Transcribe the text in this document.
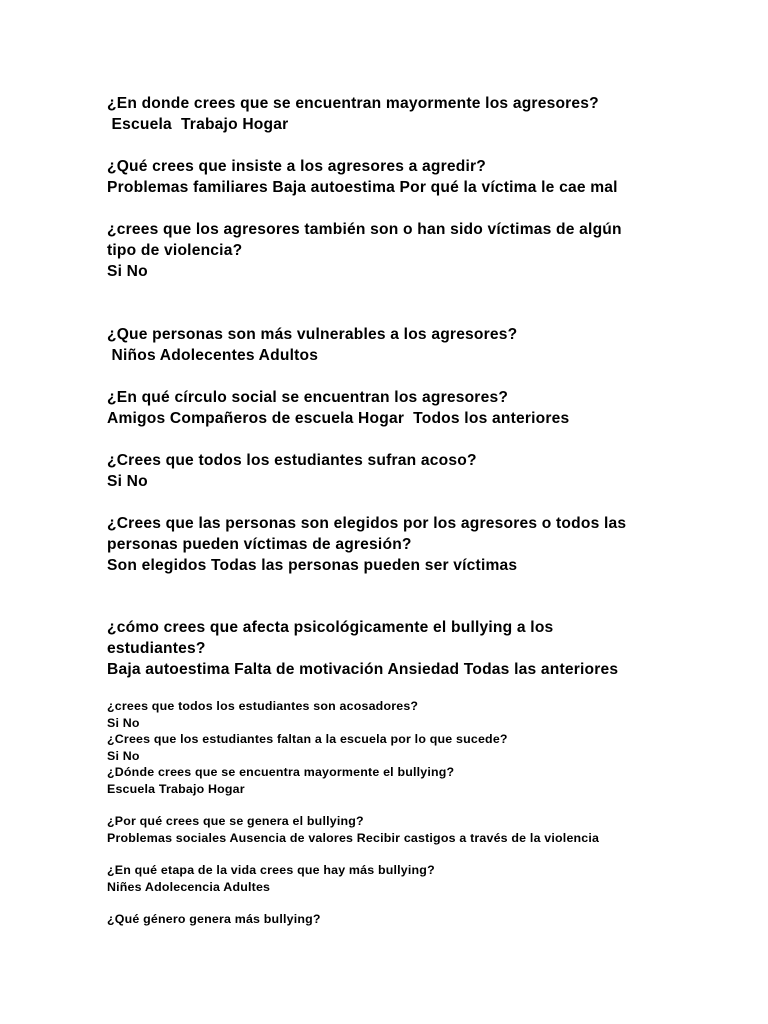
¿En donde crees que se encuentran mayormente los agresores?
Escuela  Trabajo Hogar
¿Qué crees que insiste a los agresores a agredir?
Problemas familiares Baja autoestima Por qué la víctima le cae mal
¿crees que los agresores también son o han sido víctimas de algún
tipo de violencia?
Si No
¿Que personas son más vulnerables a los agresores?
Niños Adolecentes Adultos
¿En qué círculo social se encuentran los agresores?
Amigos Compañeros de escuela Hogar  Todos los anteriores
¿Crees que todos los estudiantes sufran acoso?
Si No
¿Crees que las personas son elegidos por los agresores o todos las
personas pueden víctimas de agresión?
Son elegidos Todas las personas pueden ser víctimas
¿cómo crees que afecta psicológicamente el bullying a los
estudiantes?
Baja autoestima Falta de motivación Ansiedad Todas las anteriores
¿crees que todos los estudiantes son acosadores?
Si No
¿Crees que los estudiantes faltan a la escuela por lo que sucede?
Si No
¿Dónde crees que se encuentra mayormente el bullying?
Escuela Trabajo Hogar
¿Por qué crees que se genera el bullying?
Problemas sociales Ausencia de valores Recibir castigos a través de la violencia
¿En qué etapa de la vida crees que hay más bullying?
Niñes Adolecencia Adultes
¿Qué género genera más bullying?
